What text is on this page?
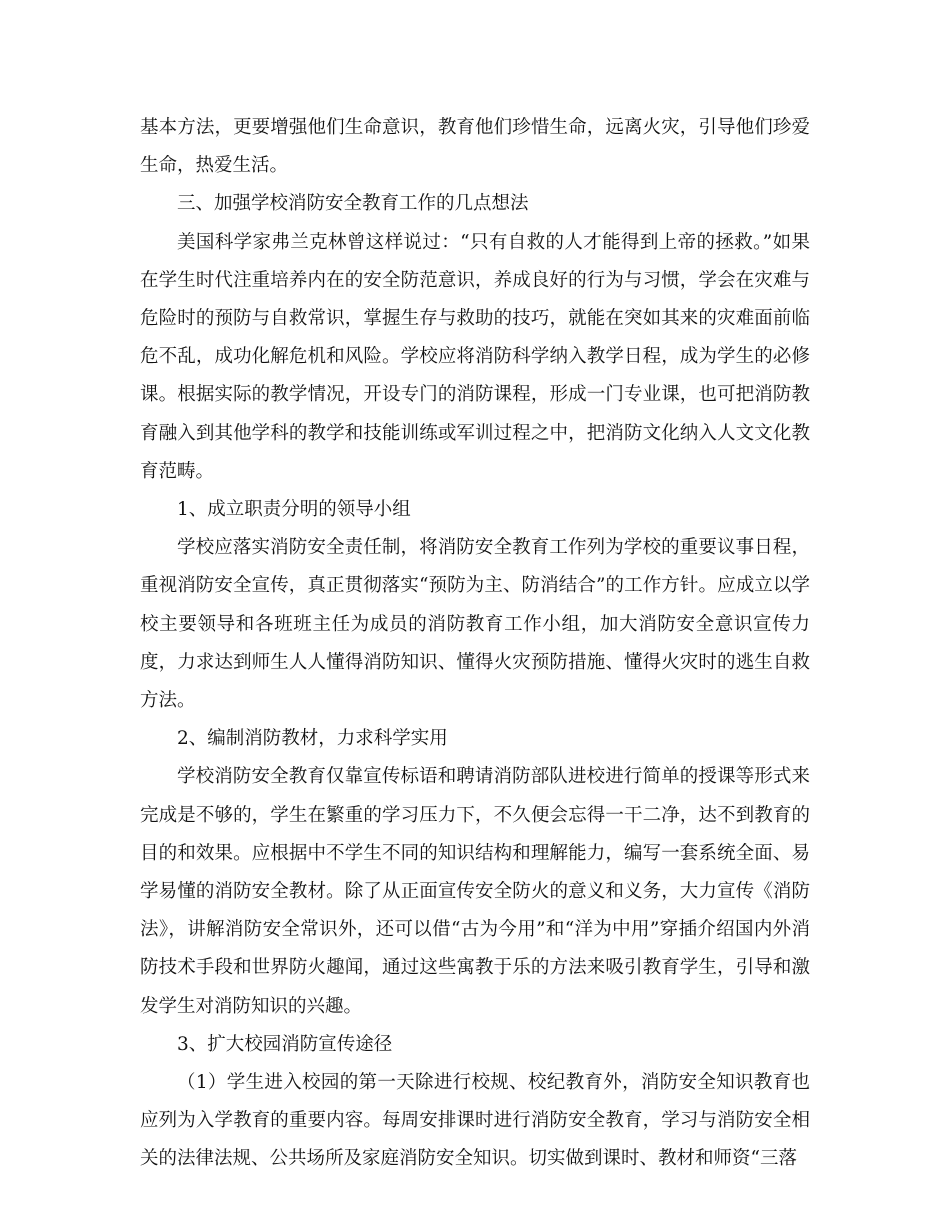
基本方法，更要增强他们生命意识，教育他们珍惜生命，远离火灾，引导他们珍爱生命，热爱生活。

三、加强学校消防安全教育工作的几点想法

美国科学家弗兰克林曾这样说过：“只有自救的人才能得到上帝的拯救。”如果在学生时代注重培养内在的安全防范意识，养成良好的行为与习惯，学会在灾难与危险时的预防与自救常识，掌握生存与救助的技巧，就能在突如其来的灾难面前临危不乱，成功化解危机和风险。学校应将消防科学纳入教学日程，成为学生的必修课。根据实际的教学情况，开设专门的消防课程，形成一门专业课，也可把消防教育融入到其他学科的教学和技能训练或军训过程之中，把消防文化纳入人文文化教育范畴。

1、成立职责分明的领导小组

学校应落实消防安全责任制，将消防安全教育工作列为学校的重要议事日程，重视消防安全宣传，真正贯彻落实“预防为主、防消结合”的工作方针。应成立以学校主要领导和各班班主任为成员的消防教育工作小组，加大消防安全意识宣传力度，力求达到师生人人懂得消防知识、懂得火灾预防措施、懂得火灾时的逃生自救方法。

2、编制消防教材，力求科学实用

学校消防安全教育仅靠宣传标语和聘请消防部队进校进行简单的授课等形式来完成是不够的，学生在繁重的学习压力下，不久便会忘得一干二净，达不到教育的目的和效果。应根据中不学生不同的知识结构和理解能力，编写一套系统全面、易学易懂的消防安全教材。除了从正面宣传安全防火的意义和义务，大力宣传《消防法》，讲解消防安全常识外，还可以借“古为今用”和“洋为中用”穿插介绍国内外消防技术手段和世界防火趣闻，通过这些寓教于乐的方法来吸引教育学生，引导和激发学生对消防知识的兴趣。

3、扩大校园消防宣传途径

（1）学生进入校园的第一天除进行校规、校纪教育外，消防安全知识教育也应列为入学教育的重要内容。每周安排课时进行消防安全教育，学习与消防安全相关的法律法规、公共场所及家庭消防安全知识。切实做到课时、教材和师资“三落
